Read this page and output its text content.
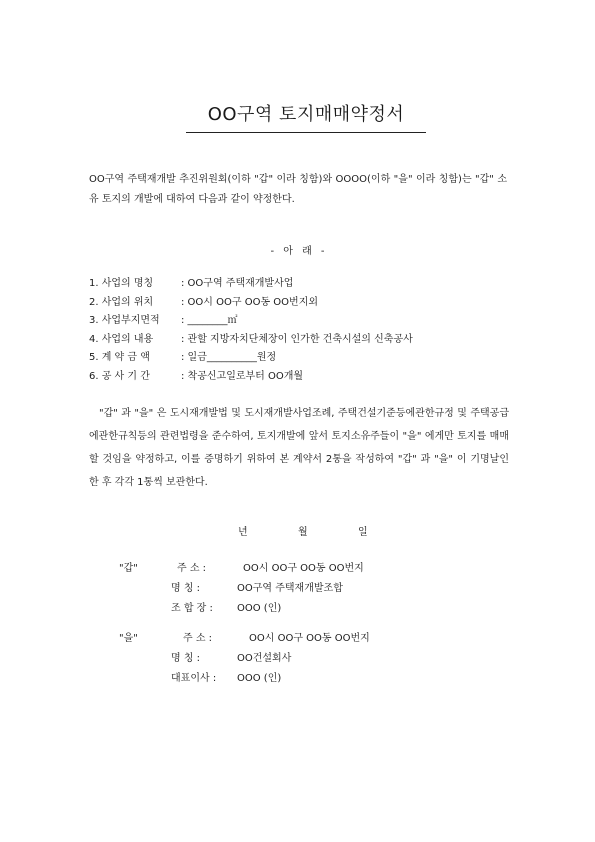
OO구역 토지매매약정서

OO구역 주택재개발 추진위원회(이하 "갑" 이라 칭함)와 OOOO(이하 "을" 이라 칭함)는 "갑" 소유 토지의 개발에 대하여 다음과 같이 약정한다.

- 아 래 -
1. 사업의 명칭	: OO구역 주택재개발사업
2. 사업의 위치	: OO시 OO구 OO동 OO번지외
3. 사업부지면적 : ________㎡
4. 사업의 내용	: 관할 지방자치단체장이 인가한 건축시설의 신축공사
5. 계 약 금 액	: 일금__________원정
6. 공 사 기 간	: 착공신고일로부터 OO개월

"갑" 과 "을" 은 도시재개발법 및 도시재개발사업조례, 주택건설기준등에관한규정 및 주택공급에관한규칙등의 관련법령을 준수하여, 토지개발에 앞서 토지소유주들이 "을" 에게만 토지를 매매할 것임을 약정하고, 이를 증명하기 위하여 본 계약서 2통을 작성하여 "갑" 과 "을" 이 기명날인한 후 각각 1통씩 보관한다.

년	월	일
"갑"	주 소 :	OO시 OO구 OO동 OO번지
명 칭 :	OO구역 주택재개발조합
조 합 장 :	OOO (인)
"을"	주 소 :	OO시 OO구 OO동 OO번지
명 칭 :	OO건설회사
대표이사 :	OOO (인)
